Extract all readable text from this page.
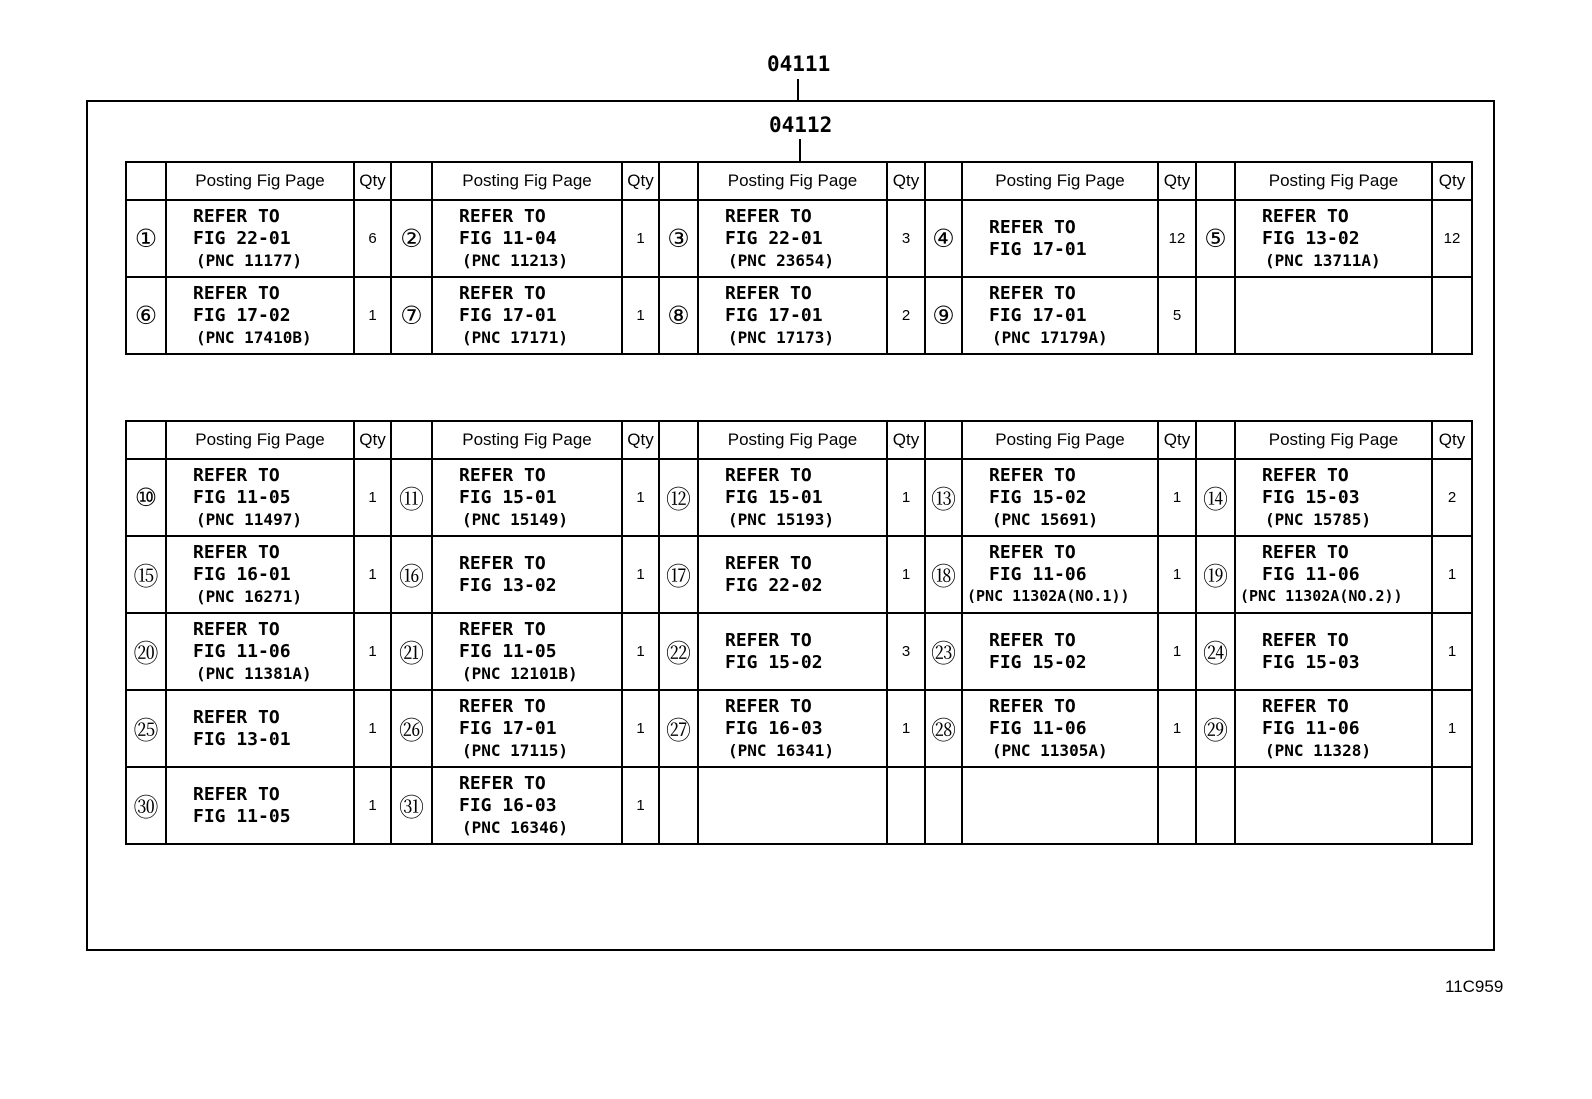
04111
04112
	Posting Fig Page	Qty		Posting Fig Page	Qty		Posting Fig Page	Qty		Posting Fig Page	Qty		Posting Fig Page	Qty
①	REFER TO
FIG 22-01
(PNC 11177)	6	②	REFER TO
FIG 11-04
(PNC 11213)	1	③	REFER TO
FIG 22-01
(PNC 23654)	3	④	REFER TO
FIG 17-01	12	⑤	REFER TO
FIG 13-02
(PNC 13711A)	12
⑥	REFER TO
FIG 17-02
(PNC 17410B)	1	⑦	REFER TO
FIG 17-01
(PNC 17171)	1	⑧	REFER TO
FIG 17-01
(PNC 17173)	2	⑨	REFER TO
FIG 17-01
(PNC 17179A)	5		

	Posting Fig Page	Qty		Posting Fig Page	Qty		Posting Fig Page	Qty		Posting Fig Page	Qty		Posting Fig Page	Qty
⑩	REFER TO
FIG 11-05
(PNC 11497)	1	⑪	REFER TO
FIG 15-01
(PNC 15149)	1	⑫	REFER TO
FIG 15-01
(PNC 15193)	1	⑬	REFER TO
FIG 15-02
(PNC 15691)	1	⑭	REFER TO
FIG 15-03
(PNC 15785)	2
⑮	REFER TO
FIG 16-01
(PNC 16271)	1	⑯	REFER TO
FIG 13-02	1	⑰	REFER TO
FIG 22-02	1	⑱	REFER TO
FIG 11-06
(PNC 11302A(NO.1))	1	⑲	REFER TO
FIG 11-06
(PNC 11302A(NO.2))	1
⑳	REFER TO
FIG 11-06
(PNC 11381A)	1	㉑	REFER TO
FIG 11-05
(PNC 12101B)	1	㉒	REFER TO
FIG 15-02	3	㉓	REFER TO
FIG 15-02	1	㉔	REFER TO
FIG 15-03	1
㉕	REFER TO
FIG 13-01	1	㉖	REFER TO
FIG 17-01
(PNC 17115)	1	㉗	REFER TO
FIG 16-03
(PNC 16341)	1	㉘	REFER TO
FIG 11-06
(PNC 11305A)	1	㉙	REFER TO
FIG 11-06
(PNC 11328)	1
㉚	REFER TO
FIG 11-05	1	㉛	REFER TO
FIG 16-03
(PNC 16346)	1		

11C959
